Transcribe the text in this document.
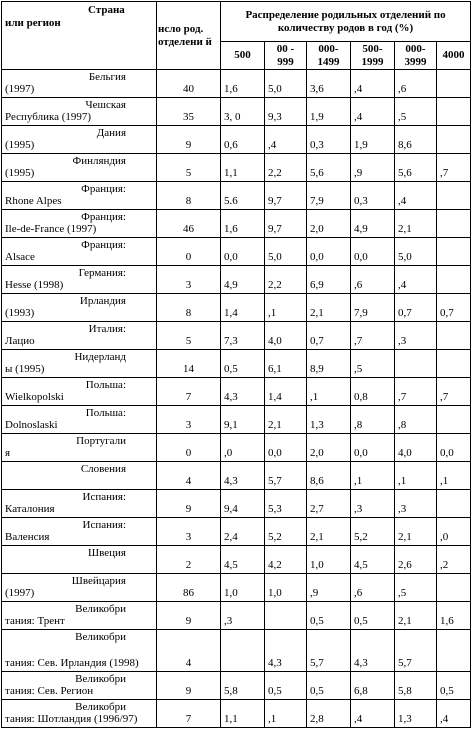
Страна
или регион	нсло род. отделени й	Распределение родильных отделений по количеству родов в год (%)					
		500	00 - 999	000- 1499	500- 1999	000- 3999	4000

Бельгия
(1997)	40	1,6	5,0	3,6	,4	,6	

Чешская
Республика (1997)	35	3, 0	9,3	1,9	,4	,5	

Дания
(1995)	9	0,6	,4	0,3	1,9	8,6	

Финляндия
(1995)	5	1,1	2,2	5,6	,9	5,6	,7

Франция:
Rhone Alpes	8	5.6	9,7	7,9	0,3	,4	

Франция:
Ile-de-France (1997)	46	1,6	9,7	2,0	4,9	2,1	

Франция:
Alsace	0	0,0	5,0	0,0	0,0	5,0	

Германия:
Hesse (1998)	3	4,9	2,2	6,9	,6	,4	

Ирландия
(1993)	8	1,4	,1	2,1	7,9	0,7	0,7

Италия:
Лацио	5	7,3	4,0	0,7	,7	,3	

Нидерланд
ы (1995)	14	0,5	6,1	8,9	,5		

Польша:
Wielkopolski	7	4,3	1,4	,1	0,8	,7	,7

Польша:
Dolnoslaski	3	9,1	2,1	1,3	,8	,8	

Португали
я	0	,0	0,0	2,0	0,0	4,0	0,0

Словения	4	4,3	5,7	8,6	,1	,1	,1

Испания:
Каталония	9	9,4	5,3	2,7	,3	,3	

Испания:
Валенсия	3	2,4	5,2	2,1	5,2	2,1	,0

Швеция	2	4,5	4,2	1,0	4,5	2,6	,2

Швейцария
(1997)	86	1,0	1,0	,9	,6	,5	

Великобри
тания: Трент	9	,3		0,5	0,5	2,1	1,6

Великобри
тания: Сев. Ирландия (1998)	4		4,3	5,7	4,3	5,7	

Великобри
тания: Сев. Регион	9	5,8	0,5	0,5	6,8	5,8	0,5

Великобри
тания: Шотландия (1996/97)	7	1,1	,1	2,8	,4	1,3	,4
